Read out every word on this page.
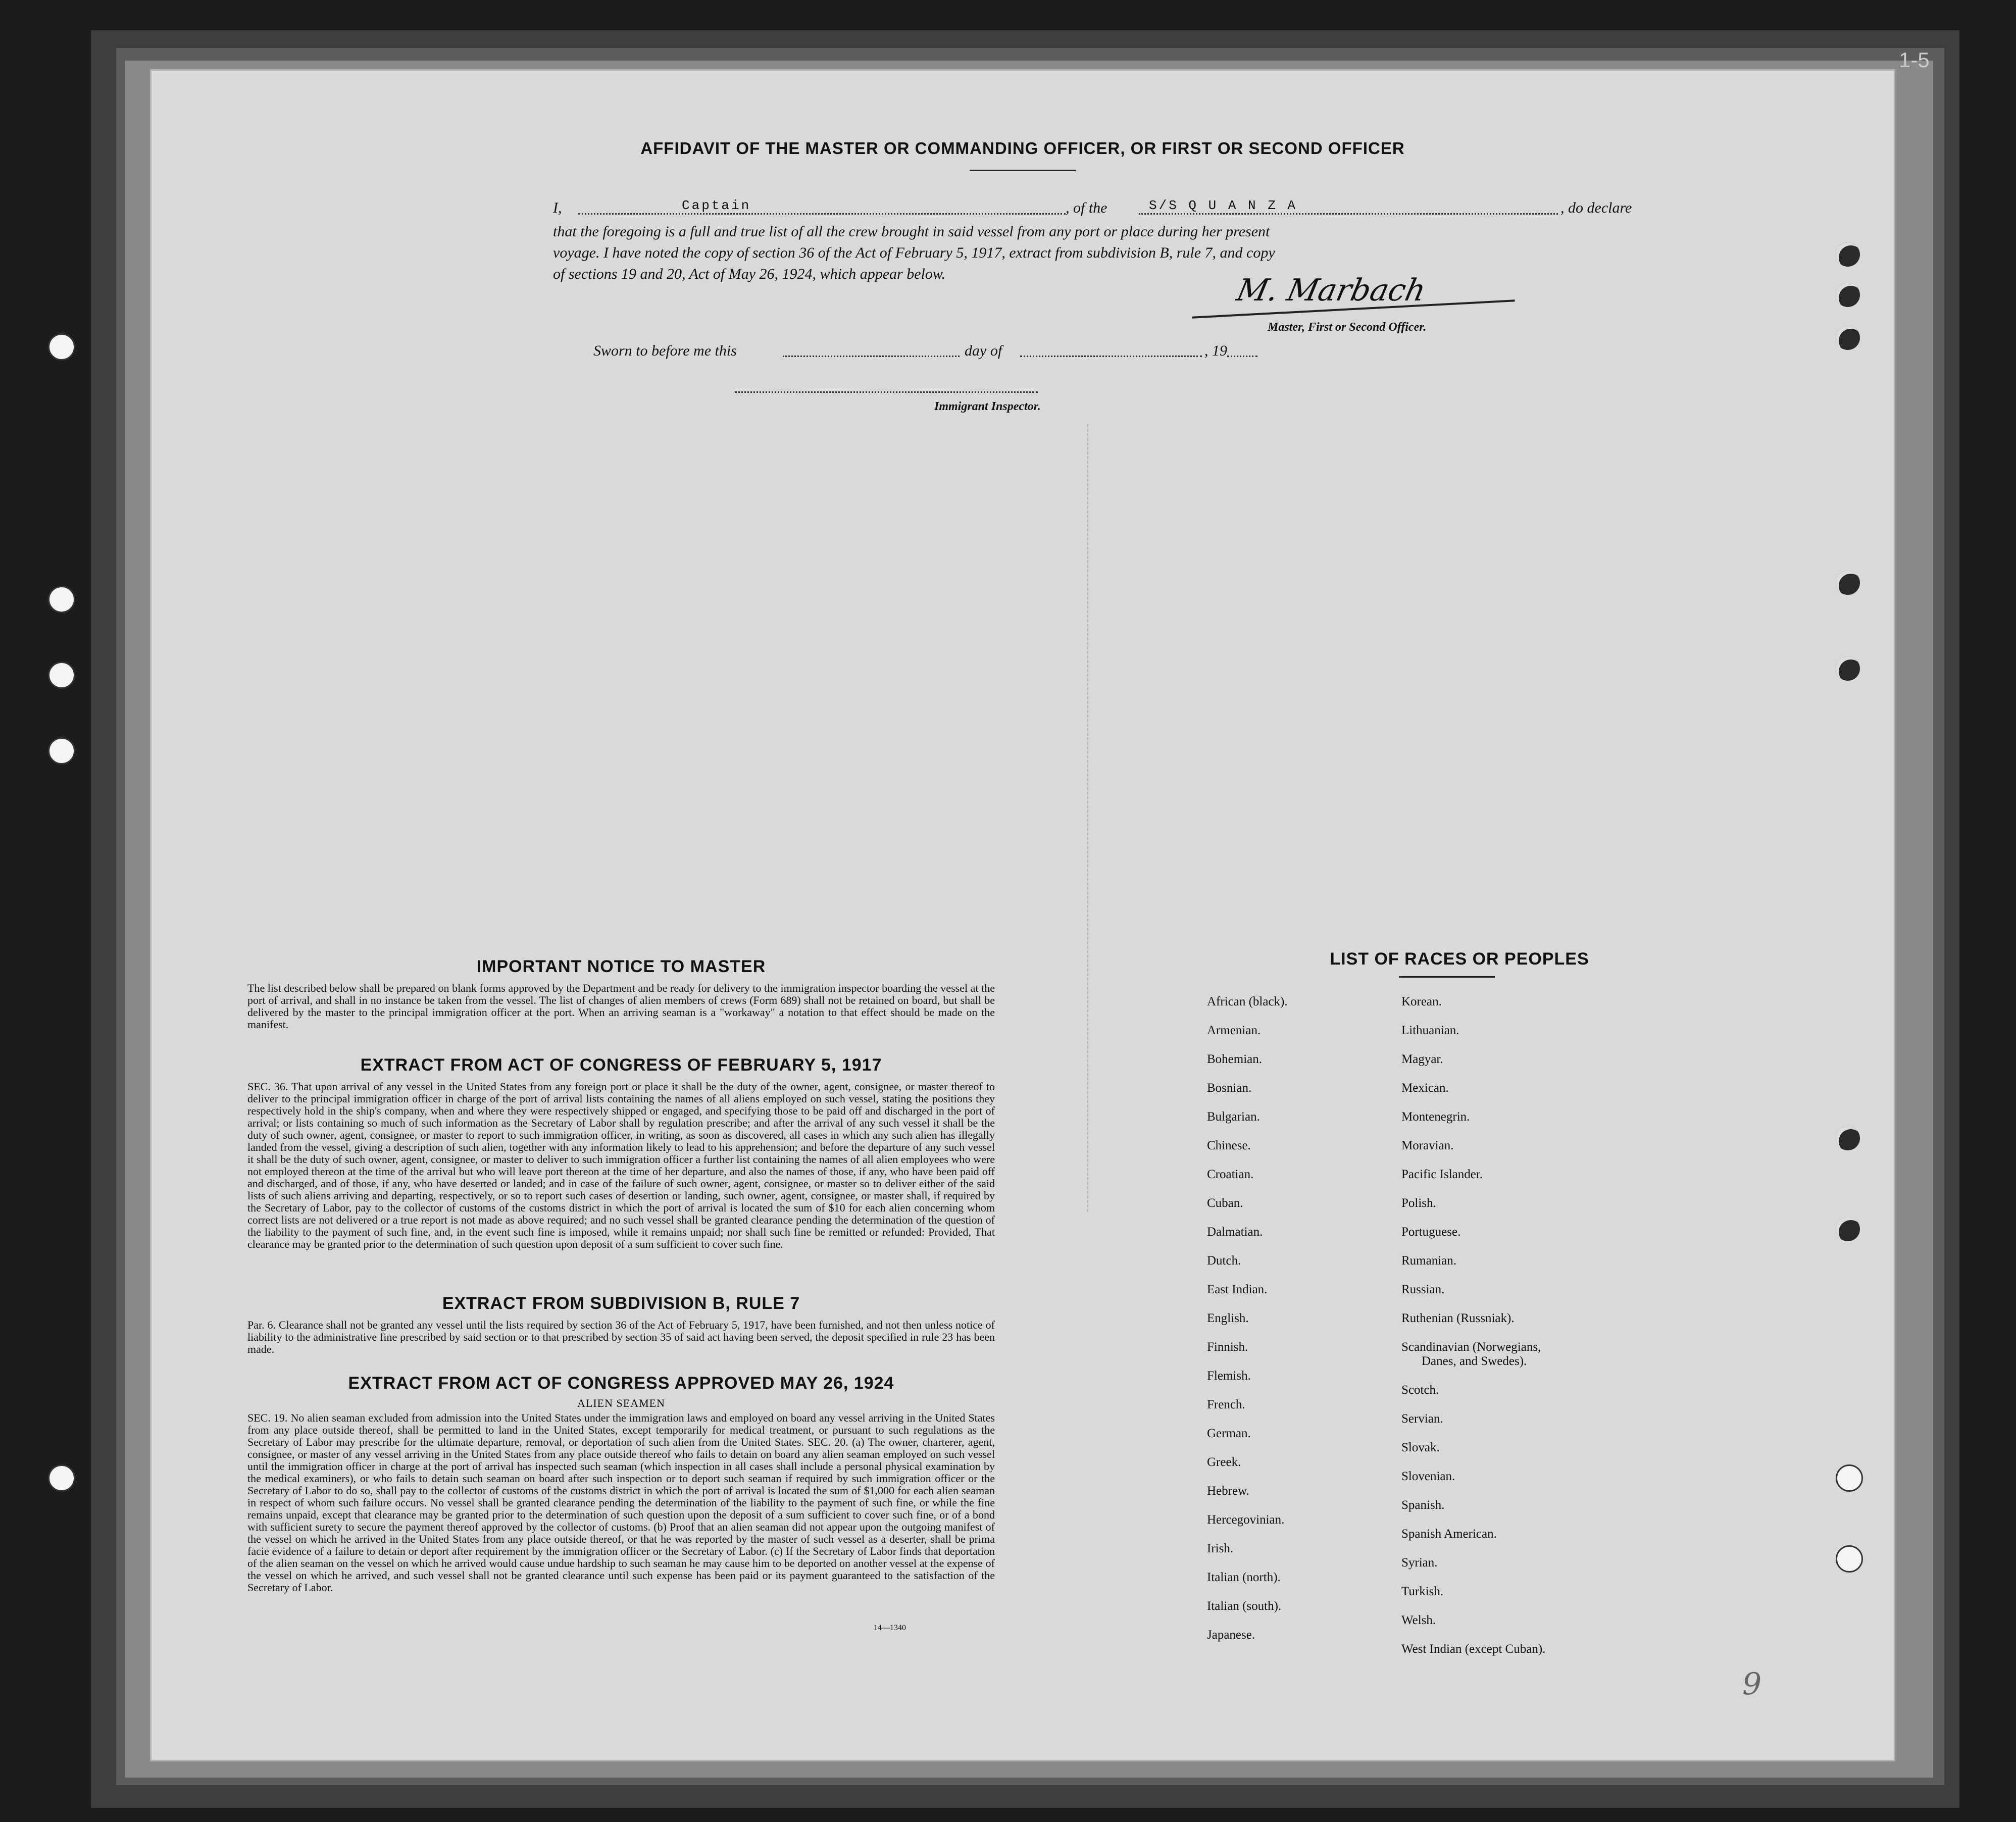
1-5
AFFIDAVIT OF THE MASTER OR COMMANDING OFFICER, OR FIRST OR SECOND OFFICER
I,	Captain	, of the	S/S Q U A N Z A	, do declare
that the foregoing is a full and true list of all the crew brought in said vessel from any port or place during her present
voyage. I have noted the copy of section 36 of the Act of February 5, 1917, extract from subdivision B, rule 7, and copy
of sections 19 and 20, Act of May 26, 1924, which appear below.	M. Marbach
Master, First or Second Officer.
Sworn to before me this	day of	, 19
Immigrant Inspector.
IMPORTANT NOTICE TO MASTER
The list described below shall be prepared on blank forms approved by the Department and be ready for delivery to the immigration inspector boarding the vessel at the port of arrival, and shall in no instance be taken from the vessel. The list of changes of alien members of crews (Form 689) shall not be retained on board, but shall be delivered by the master to the principal immigration officer at the port. When an arriving seaman is a "workaway" a notation to that effect should be made on the manifest.
EXTRACT FROM ACT OF CONGRESS OF FEBRUARY 5, 1917
SEC. 36. That upon arrival of any vessel in the United States from any foreign port or place it shall be the duty of the owner, agent, consignee, or master thereof to deliver to the principal immigration officer in charge of the port of arrival lists containing the names of all aliens employed on such vessel, stating the positions they respectively hold in the ship's company, when and where they were respectively shipped or engaged, and specifying those to be paid off and discharged in the port of arrival; or lists containing so much of such information as the Secretary of Labor shall by regulation prescribe; and after the arrival of any such vessel it shall be the duty of such owner, agent, consignee, or master to report to such immigration officer, in writing, as soon as discovered, all cases in which any such alien has illegally landed from the vessel, giving a description of such alien, together with any information likely to lead to his apprehension; and before the departure of any such vessel it shall be the duty of such owner, agent, consignee, or master to deliver to such immigration officer a further list containing the names of all alien employees who were not employed thereon at the time of the arrival but who will leave port thereon at the time of her departure, and also the names of those, if any, who have been paid off and discharged, and of those, if any, who have deserted or landed; and in case of the failure of such owner, agent, consignee, or master so to deliver either of the said lists of such aliens arriving and departing, respectively, or so to report such cases of desertion or landing, such owner, agent, consignee, or master shall, if required by the Secretary of Labor, pay to the collector of customs of the customs district in which the port of arrival is located the sum of $10 for each alien concerning whom correct lists are not delivered or a true report is not made as above required; and no such vessel shall be granted clearance pending the determination of the question of the liability to the payment of such fine, and, in the event such fine is imposed, while it remains unpaid; nor shall such fine be remitted or refunded: Provided, That clearance may be granted prior to the determination of such question upon deposit of a sum sufficient to cover such fine.
EXTRACT FROM SUBDIVISION B, RULE 7
Par. 6. Clearance shall not be granted any vessel until the lists required by section 36 of the Act of February 5, 1917, have been furnished, and not then unless notice of liability to the administrative fine prescribed by said section or to that prescribed by section 35 of said act having been served, the deposit specified in rule 23 has been made.
EXTRACT FROM ACT OF CONGRESS APPROVED MAY 26, 1924
ALIEN SEAMEN
SEC. 19. No alien seaman excluded from admission into the United States under the immigration laws and employed on board any vessel arriving in the United States from any place outside thereof, shall be permitted to land in the United States, except temporarily for medical treatment, or pursuant to such regulations as the Secretary of Labor may prescribe for the ultimate departure, removal, or deportation of such alien from the United States. SEC. 20. (a) The owner, charterer, agent, consignee, or master of any vessel arriving in the United States from any place outside thereof who fails to detain on board any alien seaman employed on such vessel until the immigration officer in charge at the port of arrival has inspected such seaman (which inspection in all cases shall include a personal physical examination by the medical examiners), or who fails to detain such seaman on board after such inspection or to deport such seaman if required by such immigration officer or the Secretary of Labor to do so, shall pay to the collector of customs of the customs district in which the port of arrival is located the sum of $1,000 for each alien seaman in respect of whom such failure occurs. No vessel shall be granted clearance pending the determination of the liability to the payment of such fine, or while the fine remains unpaid, except that clearance may be granted prior to the determination of such question upon the deposit of a sum sufficient to cover such fine, or of a bond with sufficient surety to secure the payment thereof approved by the collector of customs. (b) Proof that an alien seaman did not appear upon the outgoing manifest of the vessel on which he arrived in the United States from any place outside thereof, or that he was reported by the master of such vessel as a deserter, shall be prima facie evidence of a failure to detain or deport after requirement by the immigration officer or the Secretary of Labor. (c) If the Secretary of Labor finds that deportation of the alien seaman on the vessel on which he arrived would cause undue hardship to such seaman he may cause him to be deported on another vessel at the expense of the vessel on which he arrived, and such vessel shall not be granted clearance until such expense has been paid or its payment guaranteed to the satisfaction of the Secretary of Labor.
14—1340
LIST OF RACES OR PEOPLES
African (black).
Armenian.
Bohemian.
Bosnian.
Bulgarian.
Chinese.
Croatian.
Cuban.
Dalmatian.
Dutch.
East Indian.
English.
Finnish.
Flemish.
French.
German.
Greek.
Hebrew.
Hercegovinian.
Irish.
Italian (north).
Italian (south).
Japanese.
Korean.
Lithuanian.
Magyar.
Mexican.
Montenegrin.
Moravian.
Pacific Islander.
Polish.
Portuguese.
Rumanian.
Russian.
Ruthenian (Russniak).
Scandinavian (Norwegians,
Danes, and Swedes).
Scotch.
Servian.
Slovak.
Slovenian.
Spanish.
Spanish American.
Syrian.
Turkish.
Welsh.
West Indian (except Cuban).
9
